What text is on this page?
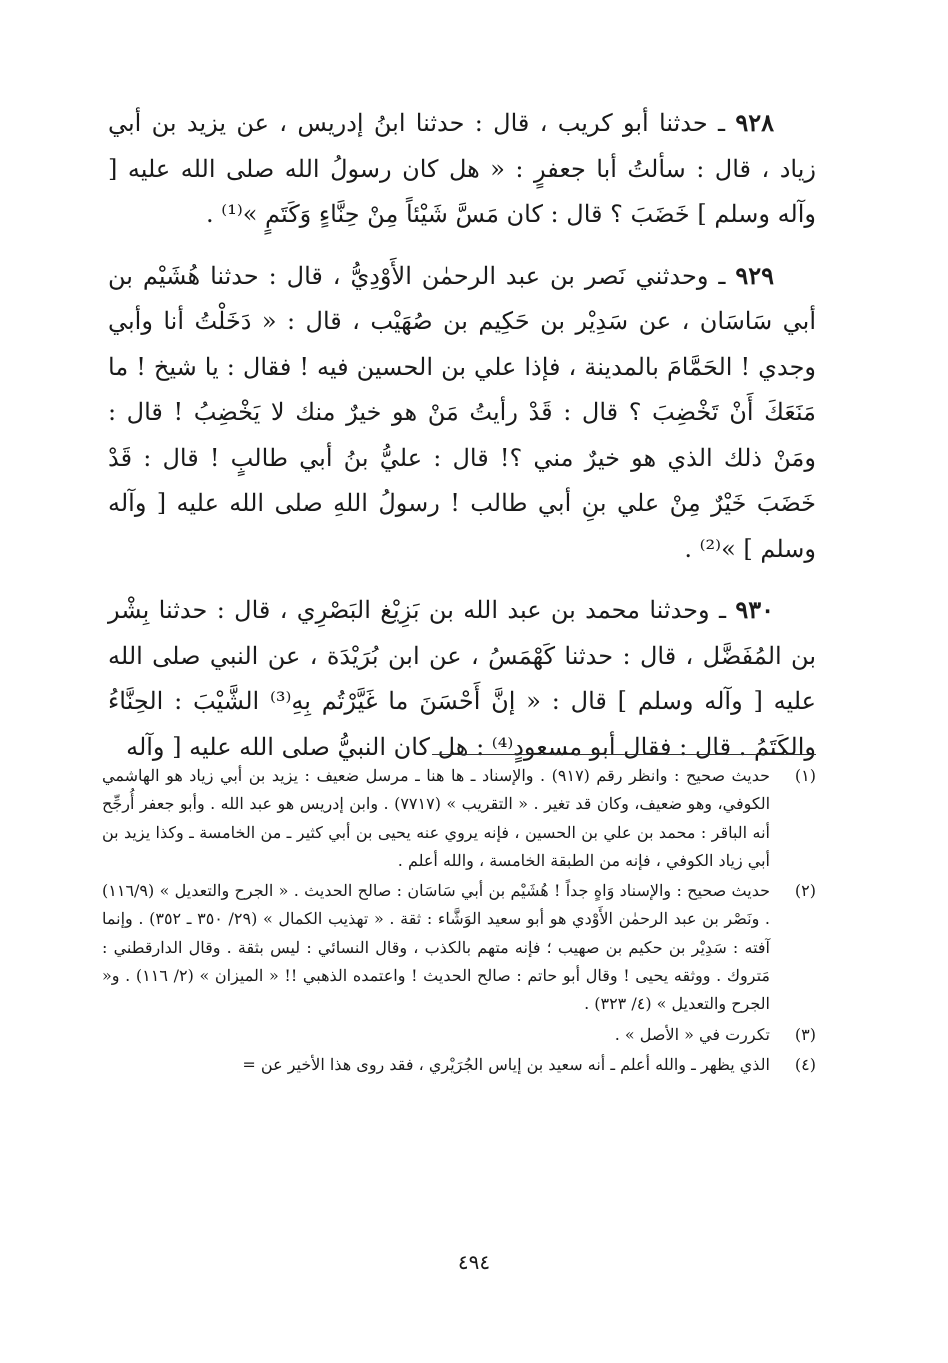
٩٢٨ ـ حدثنا أبو كريب ، قال : حدثنا ابنُ إدريس ، عن يزيد بن أبي زياد ، قال : سألتُ أبا جعفرٍ : « هل كان رسولُ الله صلى الله عليه [ وآله وسلم ] خَضَبَ ؟ قال : كان مَسَّ شَيْئاً مِنْ حِنَّاءٍ وَكَتَمٍ »⁽¹⁾ .

٩٢٩ ـ وحدثني نَصر بن عبد الرحمٰن الأَوْدِيُّ ، قال : حدثنا هُشَيْم بن أبي سَاسَان ، عن سَدِيْر بن حَكِيم بن صُهَيْب ، قال : « دَخَلْتُ أنا وأبي وجدي ! الحَمَّامَ بالمدينة ، فإذا علي بن الحسين فيه ! فقال : يا شيخ ! ما مَنَعَكَ أَنْ تَخْضِبَ ؟ قال : قَدْ رأيتُ مَنْ هو خيرٌ منك لا يَخْضِبُ ! قال : ومَنْ ذلك الذي هو خيرٌ مني ؟! قال : عليُّ بنُ أبي طالبٍ ! قال : قَدْ خَضَبَ خَيْرٌ مِنْ علي بنِ أبي طالب ! رسولُ اللهِ صلى الله عليه [ وآله وسلم ] »⁽²⁾ .

٩٣٠ ـ وحدثنا محمد بن عبد الله بن بَزِيْغ البَصْرِي ، قال : حدثنا بِشْر بن المُفَضَّل ، قال : حدثنا كَهْمَسُ ، عن ابن بُرَيْدَة ، عن النبي صلى الله عليه [ وآله وسلم ] قال : « إنَّ أَحْسَنَ ما غَيَّرْتُم بِهِ⁽³⁾ الشَّيْبَ : الحِنَّاءُ والكَتَمُ . قال : فقال أبو مسعودٍ⁽⁴⁾ : هل كان النبيُّ صلى الله عليه [ وآله

(١)
حديث صحيح : وانظر رقم (٩١٧) . والإسناد ـ ها هنا ـ مرسل ضعيف : يزيد بن أبي زياد هو الهاشمي الكوفي، وهو ضعيف، وكان قد تغير . « التقريب » (٧٧١٧) . وابن إدريس هو عبد الله . وأبو جعفر أُرجِّح أنه الباقر : محمد بن علي بن الحسين ، فإنه يروي عنه يحيى بن أبي كثير ـ من الخامسة ـ وكذا يزيد بن أبي زياد الكوفي ، فإنه من الطبقة الخامسة ، والله أعلم .
(٢)
حديث صحيح : والإسناد وَاهٍ جداً ! هُشَيْم بن أبي سَاسَان : صالح الحديث . « الجرح والتعديل » (١١٦/٩) . ونَصْر بن عبد الرحمٰن الأَوْدي هو أبو سعيد الوَشَّاء : ثقة . « تهذيب الكمال » (٢٩/ ٣٥٠ ـ ٣٥٢) . وإنما آفته : سَدِيْر بن حكيم بن صهيب ؛ فإنه متهم بالكذب ، وقال النسائي : ليس بثقة . وقال الدارقطني : مَتروك . ووثقه يحيى ! وقال أبو حاتم : صالح الحديث ! واعتمده الذهبي !! « الميزان » (٢/ ١١٦) . و« الجرح والتعديل » (٤/ ٣٢٣) .
(٣)
تكررت في « الأصل » .
(٤)
الذي يظهر ـ والله أعلم ـ أنه سعيد بن إياس الجُرَيْري ، فقد روى هذا الأخير عن =
٤٩٤
